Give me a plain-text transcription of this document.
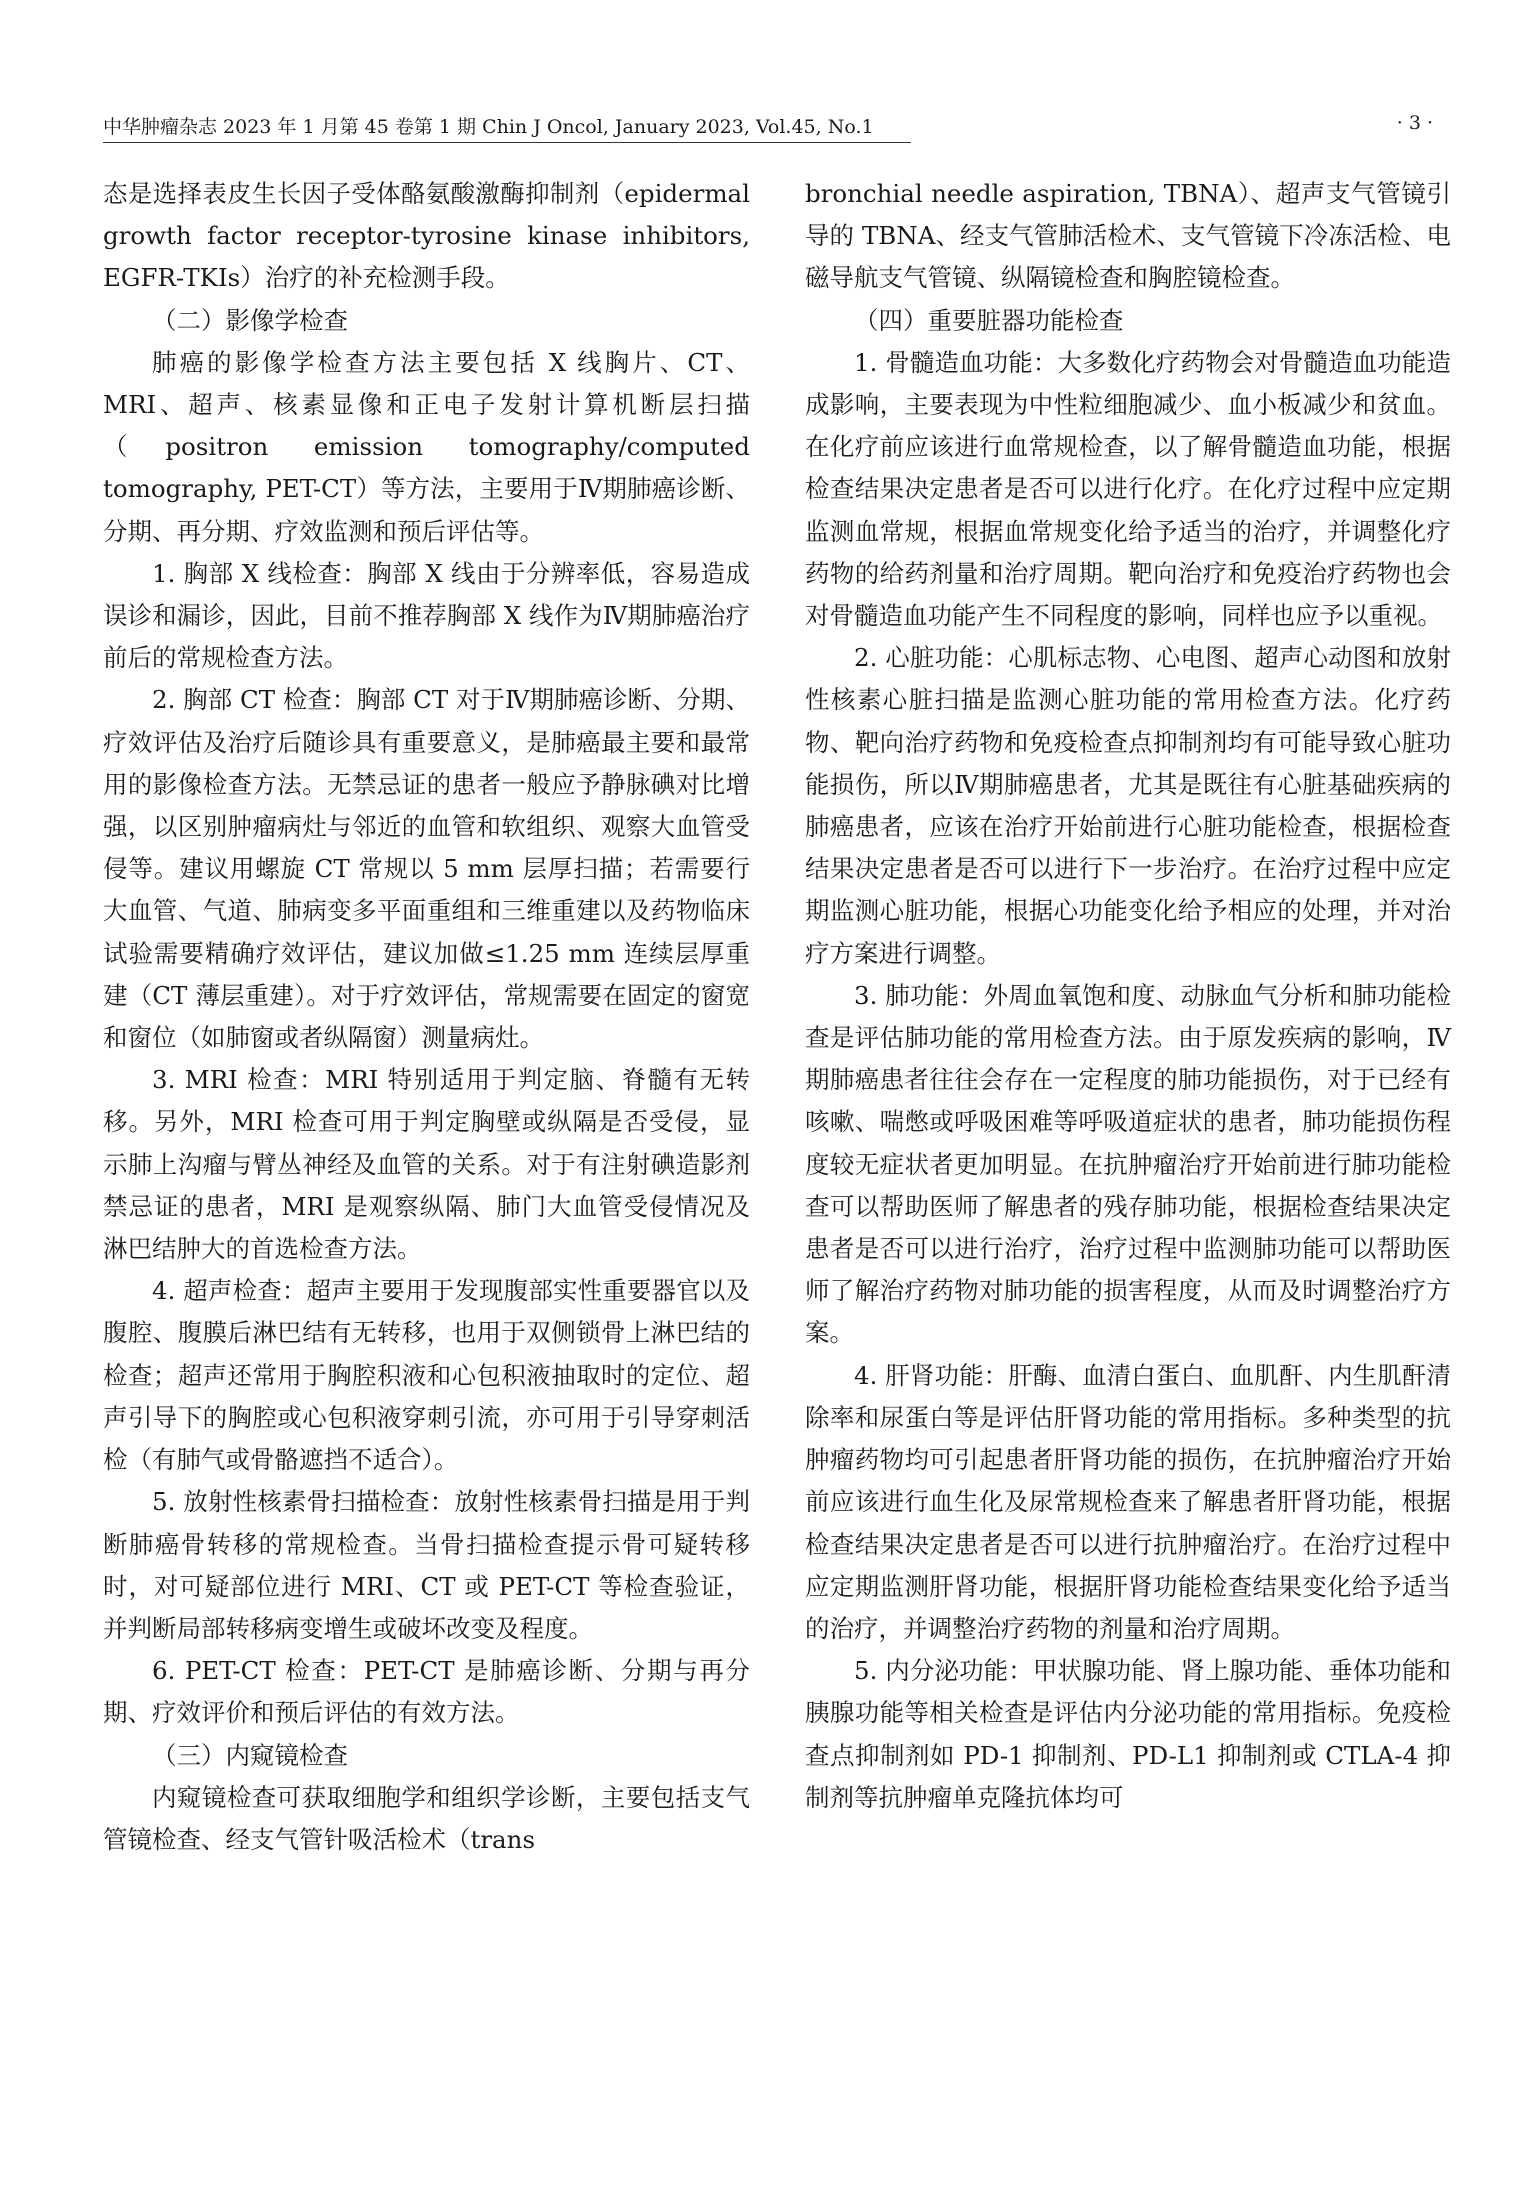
中华肿瘤杂志 2023 年 1 月第 45 卷第 1 期 Chin J Oncol, January 2023, Vol.45, No.1	· 3 ·

态是选择表皮生长因子受体酪氨酸激酶抑制剂（epidermal growth factor receptor-tyrosine kinase inhibitors, EGFR-TKIs）治疗的补充检测手段。

（二）影像学检查

肺癌的影像学检查方法主要包括 X 线胸片、CT、MRI、超声、核素显像和正电子发射计算机断层扫描（positron emission tomography/computed tomography, PET-CT）等方法，主要用于Ⅳ期肺癌诊断、分期、再分期、疗效监测和预后评估等。

1. 胸部 X 线检查：胸部 X 线由于分辨率低，容易造成误诊和漏诊，因此，目前不推荐胸部 X 线作为Ⅳ期肺癌治疗前后的常规检查方法。

2. 胸部 CT 检查：胸部 CT 对于Ⅳ期肺癌诊断、分期、疗效评估及治疗后随诊具有重要意义，是肺癌最主要和最常用的影像检查方法。无禁忌证的患者一般应予静脉碘对比增强，以区别肿瘤病灶与邻近的血管和软组织、观察大血管受侵等。建议用螺旋 CT 常规以 5 mm 层厚扫描；若需要行大血管、气道、肺病变多平面重组和三维重建以及药物临床试验需要精确疗效评估，建议加做≤1.25 mm 连续层厚重建（CT 薄层重建）。对于疗效评估，常规需要在固定的窗宽和窗位（如肺窗或者纵隔窗）测量病灶。

3. MRI 检查：MRI 特别适用于判定脑、脊髓有无转移。另外，MRI 检查可用于判定胸壁或纵隔是否受侵，显示肺上沟瘤与臂丛神经及血管的关系。对于有注射碘造影剂禁忌证的患者，MRI 是观察纵隔、肺门大血管受侵情况及淋巴结肿大的首选检查方法。

4. 超声检查：超声主要用于发现腹部实性重要器官以及腹腔、腹膜后淋巴结有无转移，也用于双侧锁骨上淋巴结的检查；超声还常用于胸腔积液和心包积液抽取时的定位、超声引导下的胸腔或心包积液穿刺引流，亦可用于引导穿刺活检（有肺气或骨骼遮挡不适合）。

5. 放射性核素骨扫描检查：放射性核素骨扫描是用于判断肺癌骨转移的常规检查。当骨扫描检查提示骨可疑转移时，对可疑部位进行 MRI、CT 或 PET-CT 等检查验证，并判断局部转移病变增生或破坏改变及程度。

6. PET-CT 检查：PET-CT 是肺癌诊断、分期与再分期、疗效评价和预后评估的有效方法。

（三）内窥镜检查

内窥镜检查可获取细胞学和组织学诊断，主要包括支气管镜检查、经支气管针吸活检术（trans

bronchial needle aspiration, TBNA）、超声支气管镜引导的 TBNA、经支气管肺活检术、支气管镜下冷冻活检、电磁导航支气管镜、纵隔镜检查和胸腔镜检查。

（四）重要脏器功能检查

1. 骨髓造血功能：大多数化疗药物会对骨髓造血功能造成影响，主要表现为中性粒细胞减少、血小板减少和贫血。在化疗前应该进行血常规检查，以了解骨髓造血功能，根据检查结果决定患者是否可以进行化疗。在化疗过程中应定期监测血常规，根据血常规变化给予适当的治疗，并调整化疗药物的给药剂量和治疗周期。靶向治疗和免疫治疗药物也会对骨髓造血功能产生不同程度的影响，同样也应予以重视。

2. 心脏功能：心肌标志物、心电图、超声心动图和放射性核素心脏扫描是监测心脏功能的常用检查方法。化疗药物、靶向治疗药物和免疫检查点抑制剂均有可能导致心脏功能损伤，所以Ⅳ期肺癌患者，尤其是既往有心脏基础疾病的肺癌患者，应该在治疗开始前进行心脏功能检查，根据检查结果决定患者是否可以进行下一步治疗。在治疗过程中应定期监测心脏功能，根据心功能变化给予相应的处理，并对治疗方案进行调整。

3. 肺功能：外周血氧饱和度、动脉血气分析和肺功能检查是评估肺功能的常用检查方法。由于原发疾病的影响，Ⅳ期肺癌患者往往会存在一定程度的肺功能损伤，对于已经有咳嗽、喘憋或呼吸困难等呼吸道症状的患者，肺功能损伤程度较无症状者更加明显。在抗肿瘤治疗开始前进行肺功能检查可以帮助医师了解患者的残存肺功能，根据检查结果决定患者是否可以进行治疗，治疗过程中监测肺功能可以帮助医师了解治疗药物对肺功能的损害程度，从而及时调整治疗方案。

4. 肝肾功能：肝酶、血清白蛋白、血肌酐、内生肌酐清除率和尿蛋白等是评估肝肾功能的常用指标。多种类型的抗肿瘤药物均可引起患者肝肾功能的损伤，在抗肿瘤治疗开始前应该进行血生化及尿常规检查来了解患者肝肾功能，根据检查结果决定患者是否可以进行抗肿瘤治疗。在治疗过程中应定期监测肝肾功能，根据肝肾功能检查结果变化给予适当的治疗，并调整治疗药物的剂量和治疗周期。

5. 内分泌功能：甲状腺功能、肾上腺功能、垂体功能和胰腺功能等相关检查是评估内分泌功能的常用指标。免疫检查点抑制剂如 PD-1 抑制剂、PD-L1 抑制剂或 CTLA-4 抑制剂等抗肿瘤单克隆抗体均可
